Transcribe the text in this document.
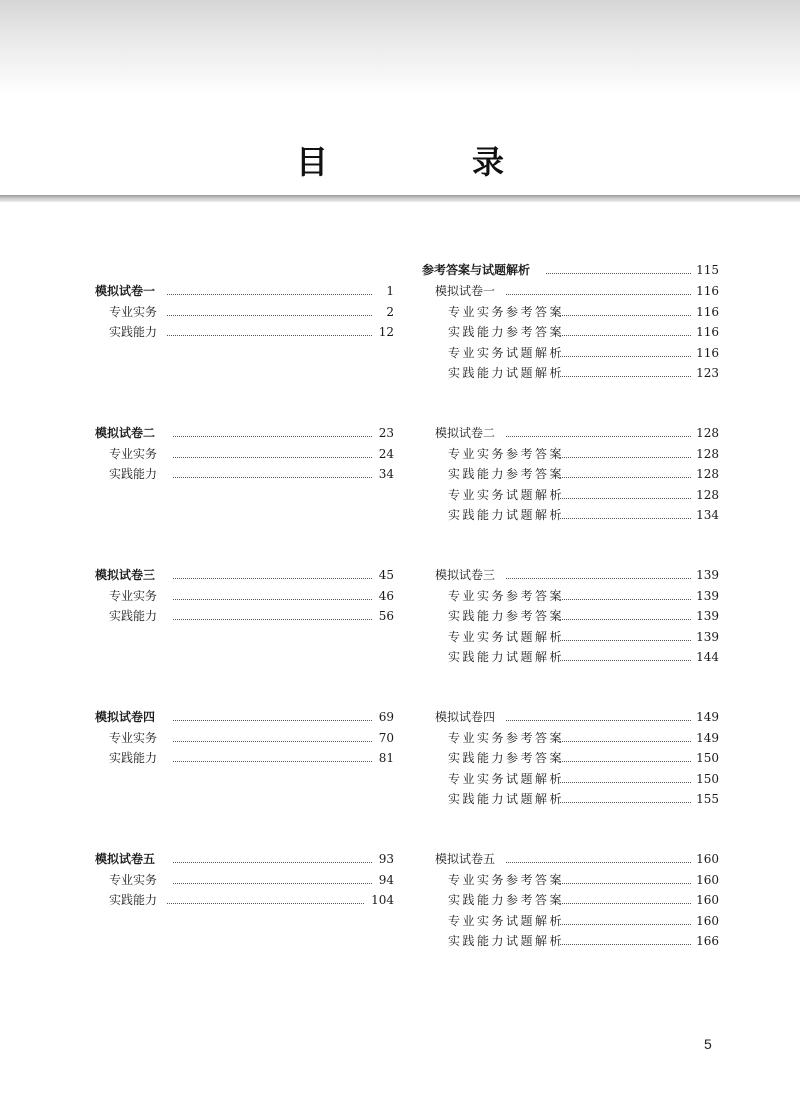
目　录
模拟试卷一	1
专业实务	2
实践能力	12
模拟试卷二	23
专业实务	24
实践能力	34
模拟试卷三	45
专业实务	46
实践能力	56
模拟试卷四	69
专业实务	70
实践能力	81
模拟试卷五	93
专业实务	94
实践能力	104
参考答案与试题解析	115
模拟试卷一	116
专业实务参考答案	116
实践能力参考答案	116
专业实务试题解析	116
实践能力试题解析	123
模拟试卷二	128
专业实务参考答案	128
实践能力参考答案	128
专业实务试题解析	128
实践能力试题解析	134
模拟试卷三	139
专业实务参考答案	139
实践能力参考答案	139
专业实务试题解析	139
实践能力试题解析	144
模拟试卷四	149
专业实务参考答案	149
实践能力参考答案	150
专业实务试题解析	150
实践能力试题解析	155
模拟试卷五	160
专业实务参考答案	160
实践能力参考答案	160
专业实务试题解析	160
实践能力试题解析	166
5
